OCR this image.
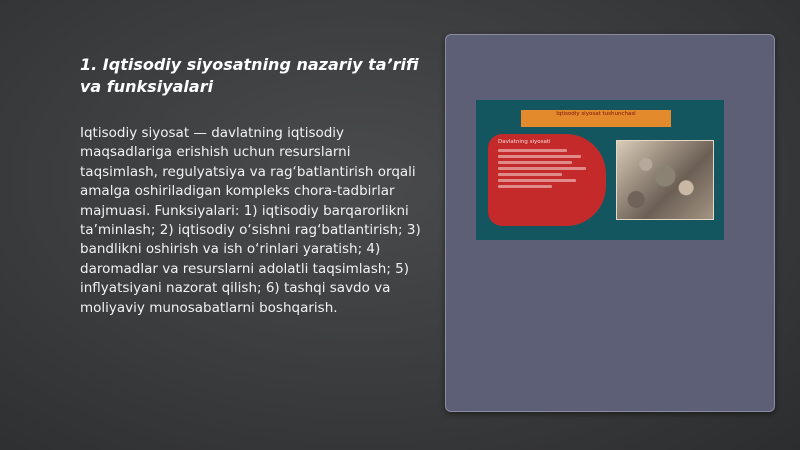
1. Iqtisodiy siyosatning nazariy ta’rifi va funksiyalari

Iqtisodiy siyosat — davlatning iqtisodiy maqsadlariga erishish uchun resurslarni taqsimlash, regulyatsiya va rag‘batlantirish orqali amalga oshiriladigan kompleks chora-tadbirlar majmuasi. Funksiyalari: 1) iqtisodiy barqarorlikni ta’minlash; 2) iqtisodiy o‘sishni rag‘batlantirish; 3) bandlikni oshirish va ish o‘rinlari yaratish; 4) daromadlar va resurslarni adolatli taqsimlash; 5) inflyatsiyani nazorat qilish; 6) tashqi savdo va moliyaviy munosabatlarni boshqarish.

Iqtisodiy siyosat tushunchasi
Davlatning siyosati
